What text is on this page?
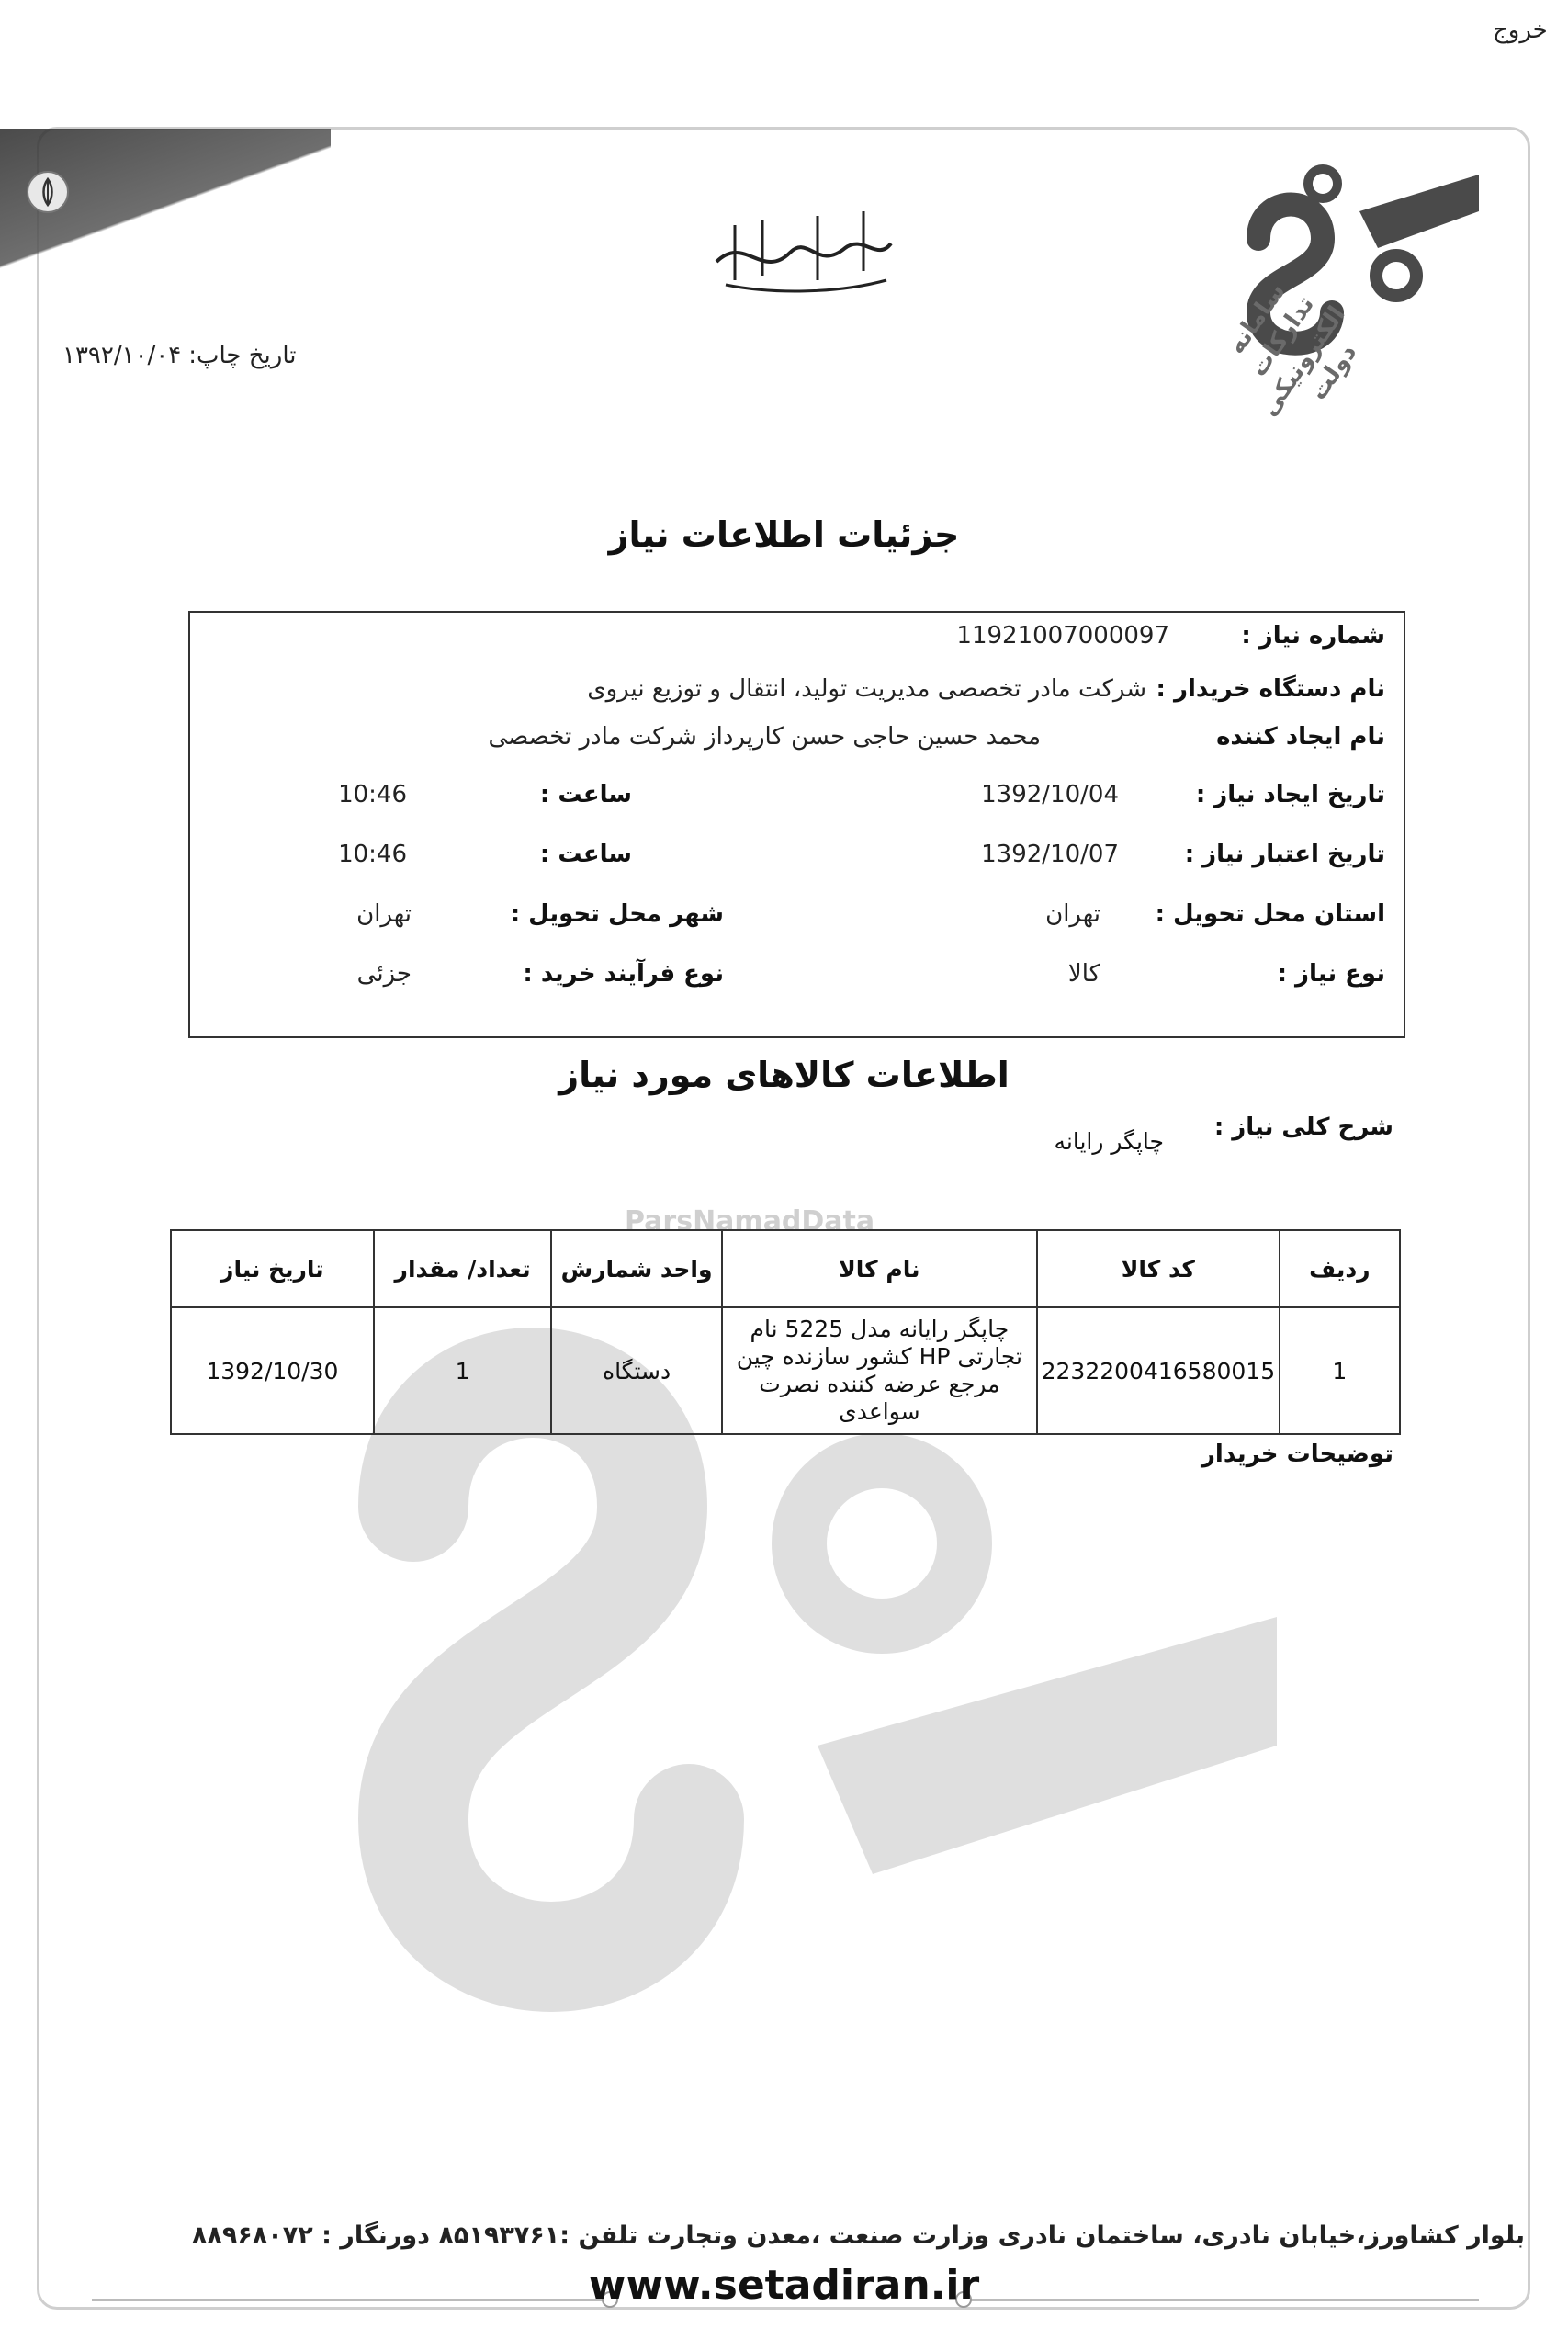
خروج
سامانه تدارکات الکترونیکی دولت
تاریخ چاپ:۱۳۹۲/۱۰/۰۴
جزئیات اطلاعات نیاز
شماره نیاز :
11921007000097
نام دستگاه خریدار :
شرکت مادر تخصصی مدیریت تولید، انتقال و توزیع نیروی
نام ایجاد کننده
محمد حسین حاجی حسن کارپرداز شرکت مادر تخصصی
تاریخ ایجاد نیاز :
1392/10/04
ساعت :
10:46
تاریخ اعتبار نیاز :
1392/10/07
ساعت :
10:46
استان محل تحویل :
تهران
شهر محل تحویل :
تهران
نوع نیاز :
کالا
نوع فرآیند خرید :
جزئی
اطلاعات کالاهای مورد نیاز
شرح کلی نیاز :
چاپگر رایانه
ParsNamadData
ردیف	کد کالا	نام کالا	واحد شمارش	تعداد/ مقدار	تاریخ نیاز
1	2232200416580015	چاپگر رایانه مدل 5225 نام تجارتی HP کشور سازنده چین مرجع عرضه کننده نصرت سواعدی	دستگاه	1	1392/10/30
توضیحات خریدار
بلوار کشاورز،خیابان نادری، ساختمان نادری وزارت صنعت ،معدن وتجارت تلفن :۸۵۱۹۳۷۶۱ دورنگار : ۸۸۹۶۸۰۷۲
www.setadiran.ir
